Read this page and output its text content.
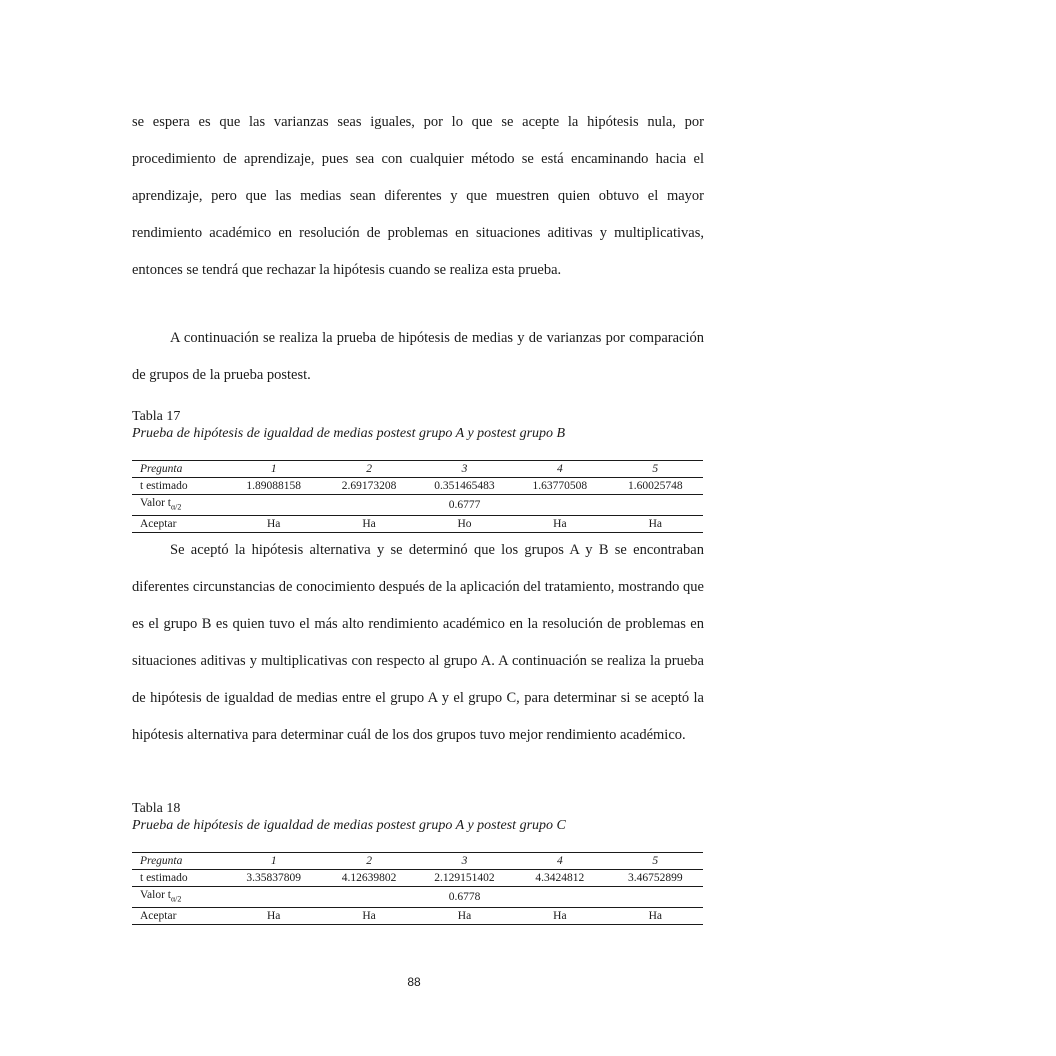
se espera es que las varianzas seas iguales, por lo que se acepte la hipótesis nula, por procedimiento de aprendizaje, pues sea con cualquier método se está encaminando hacia el aprendizaje, pero que las medias sean diferentes y que muestren quien obtuvo el mayor rendimiento académico en resolución de problemas en situaciones aditivas y multiplicativas, entonces se tendrá que rechazar la hipótesis cuando se realiza esta prueba.

A continuación se realiza la prueba de hipótesis de medias y de varianzas por comparación de grupos de la prueba postest.

Tabla 17
Prueba de hipótesis de igualdad de medias postest grupo A y postest grupo B
Pregunta	1	2	3	4	5
t estimado	1.89088158	2.69173208	0.351465483	1.63770508	1.60025748
Valor $t_{\alpha/2}$	0.6777				
Aceptar	Ha	Ha	Ho	Ha	Ha

Se aceptó la hipótesis alternativa y se determinó que los grupos A y B se encontraban diferentes circunstancias de conocimiento después de la aplicación del tratamiento, mostrando que es el grupo B es quien tuvo el más alto rendimiento académico en la resolución de problemas en situaciones aditivas y multiplicativas con respecto al grupo A. A continuación se realiza la prueba de hipótesis de igualdad de medias entre el grupo A y el grupo C, para determinar si se aceptó la hipótesis alternativa para determinar cuál de los dos grupos tuvo mejor rendimiento académico.

Tabla 18
Prueba de hipótesis de igualdad de medias postest grupo A y postest grupo C
Pregunta	1	2	3	4	5
t estimado	3.35837809	4.12639802	2.129151402	4.3424812	3.46752899
Valor $t_{\alpha/2}$	0.6778				
Aceptar	Ha	Ha	Ha	Ha	Ha
88
